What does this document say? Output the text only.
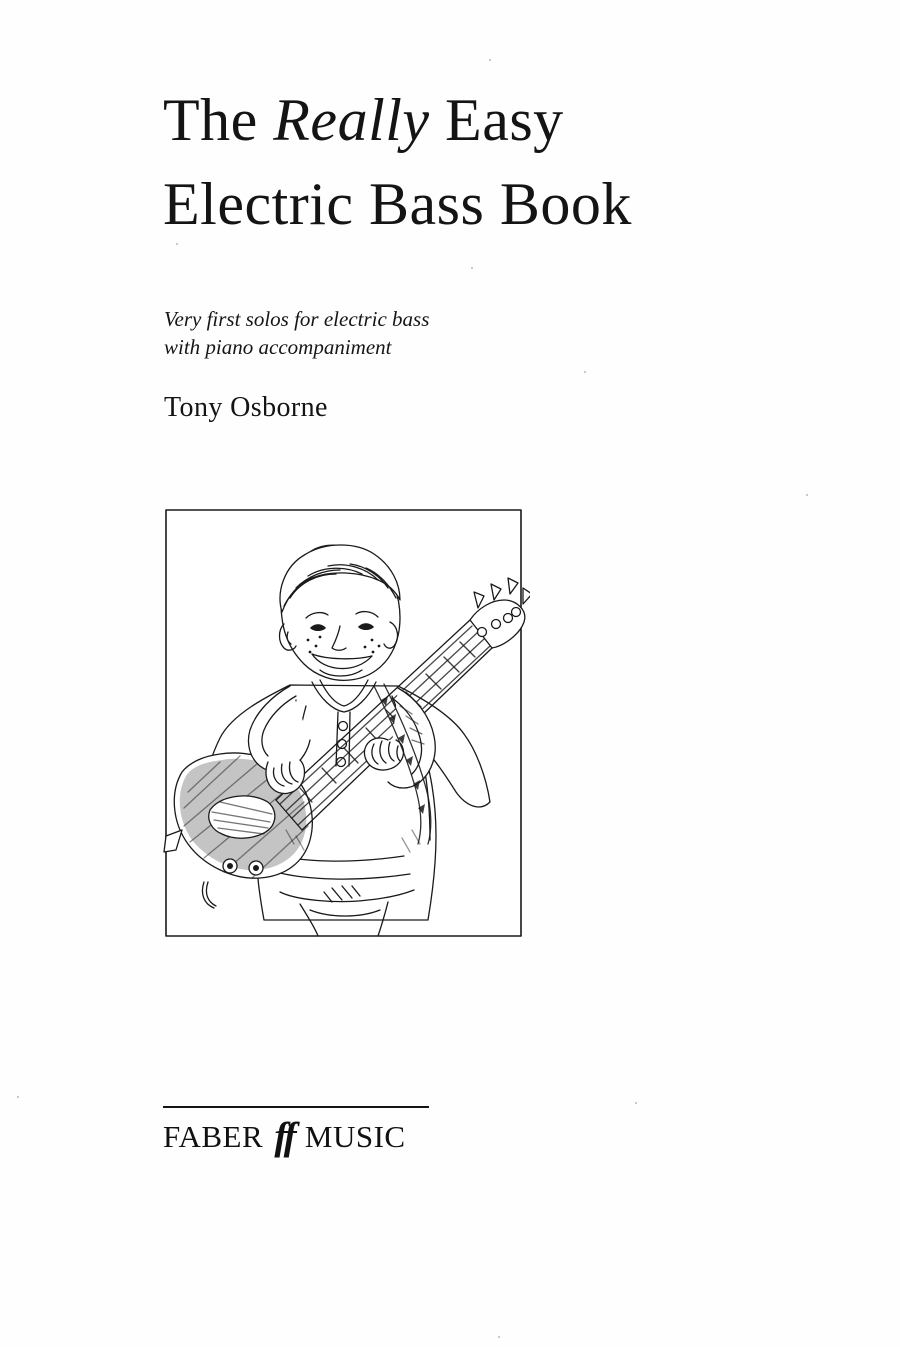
The Really Easy
Electric Bass Book
Very first solos for electric bass
with piano accompaniment
Tony Osborne
FABER ff MUSIC
